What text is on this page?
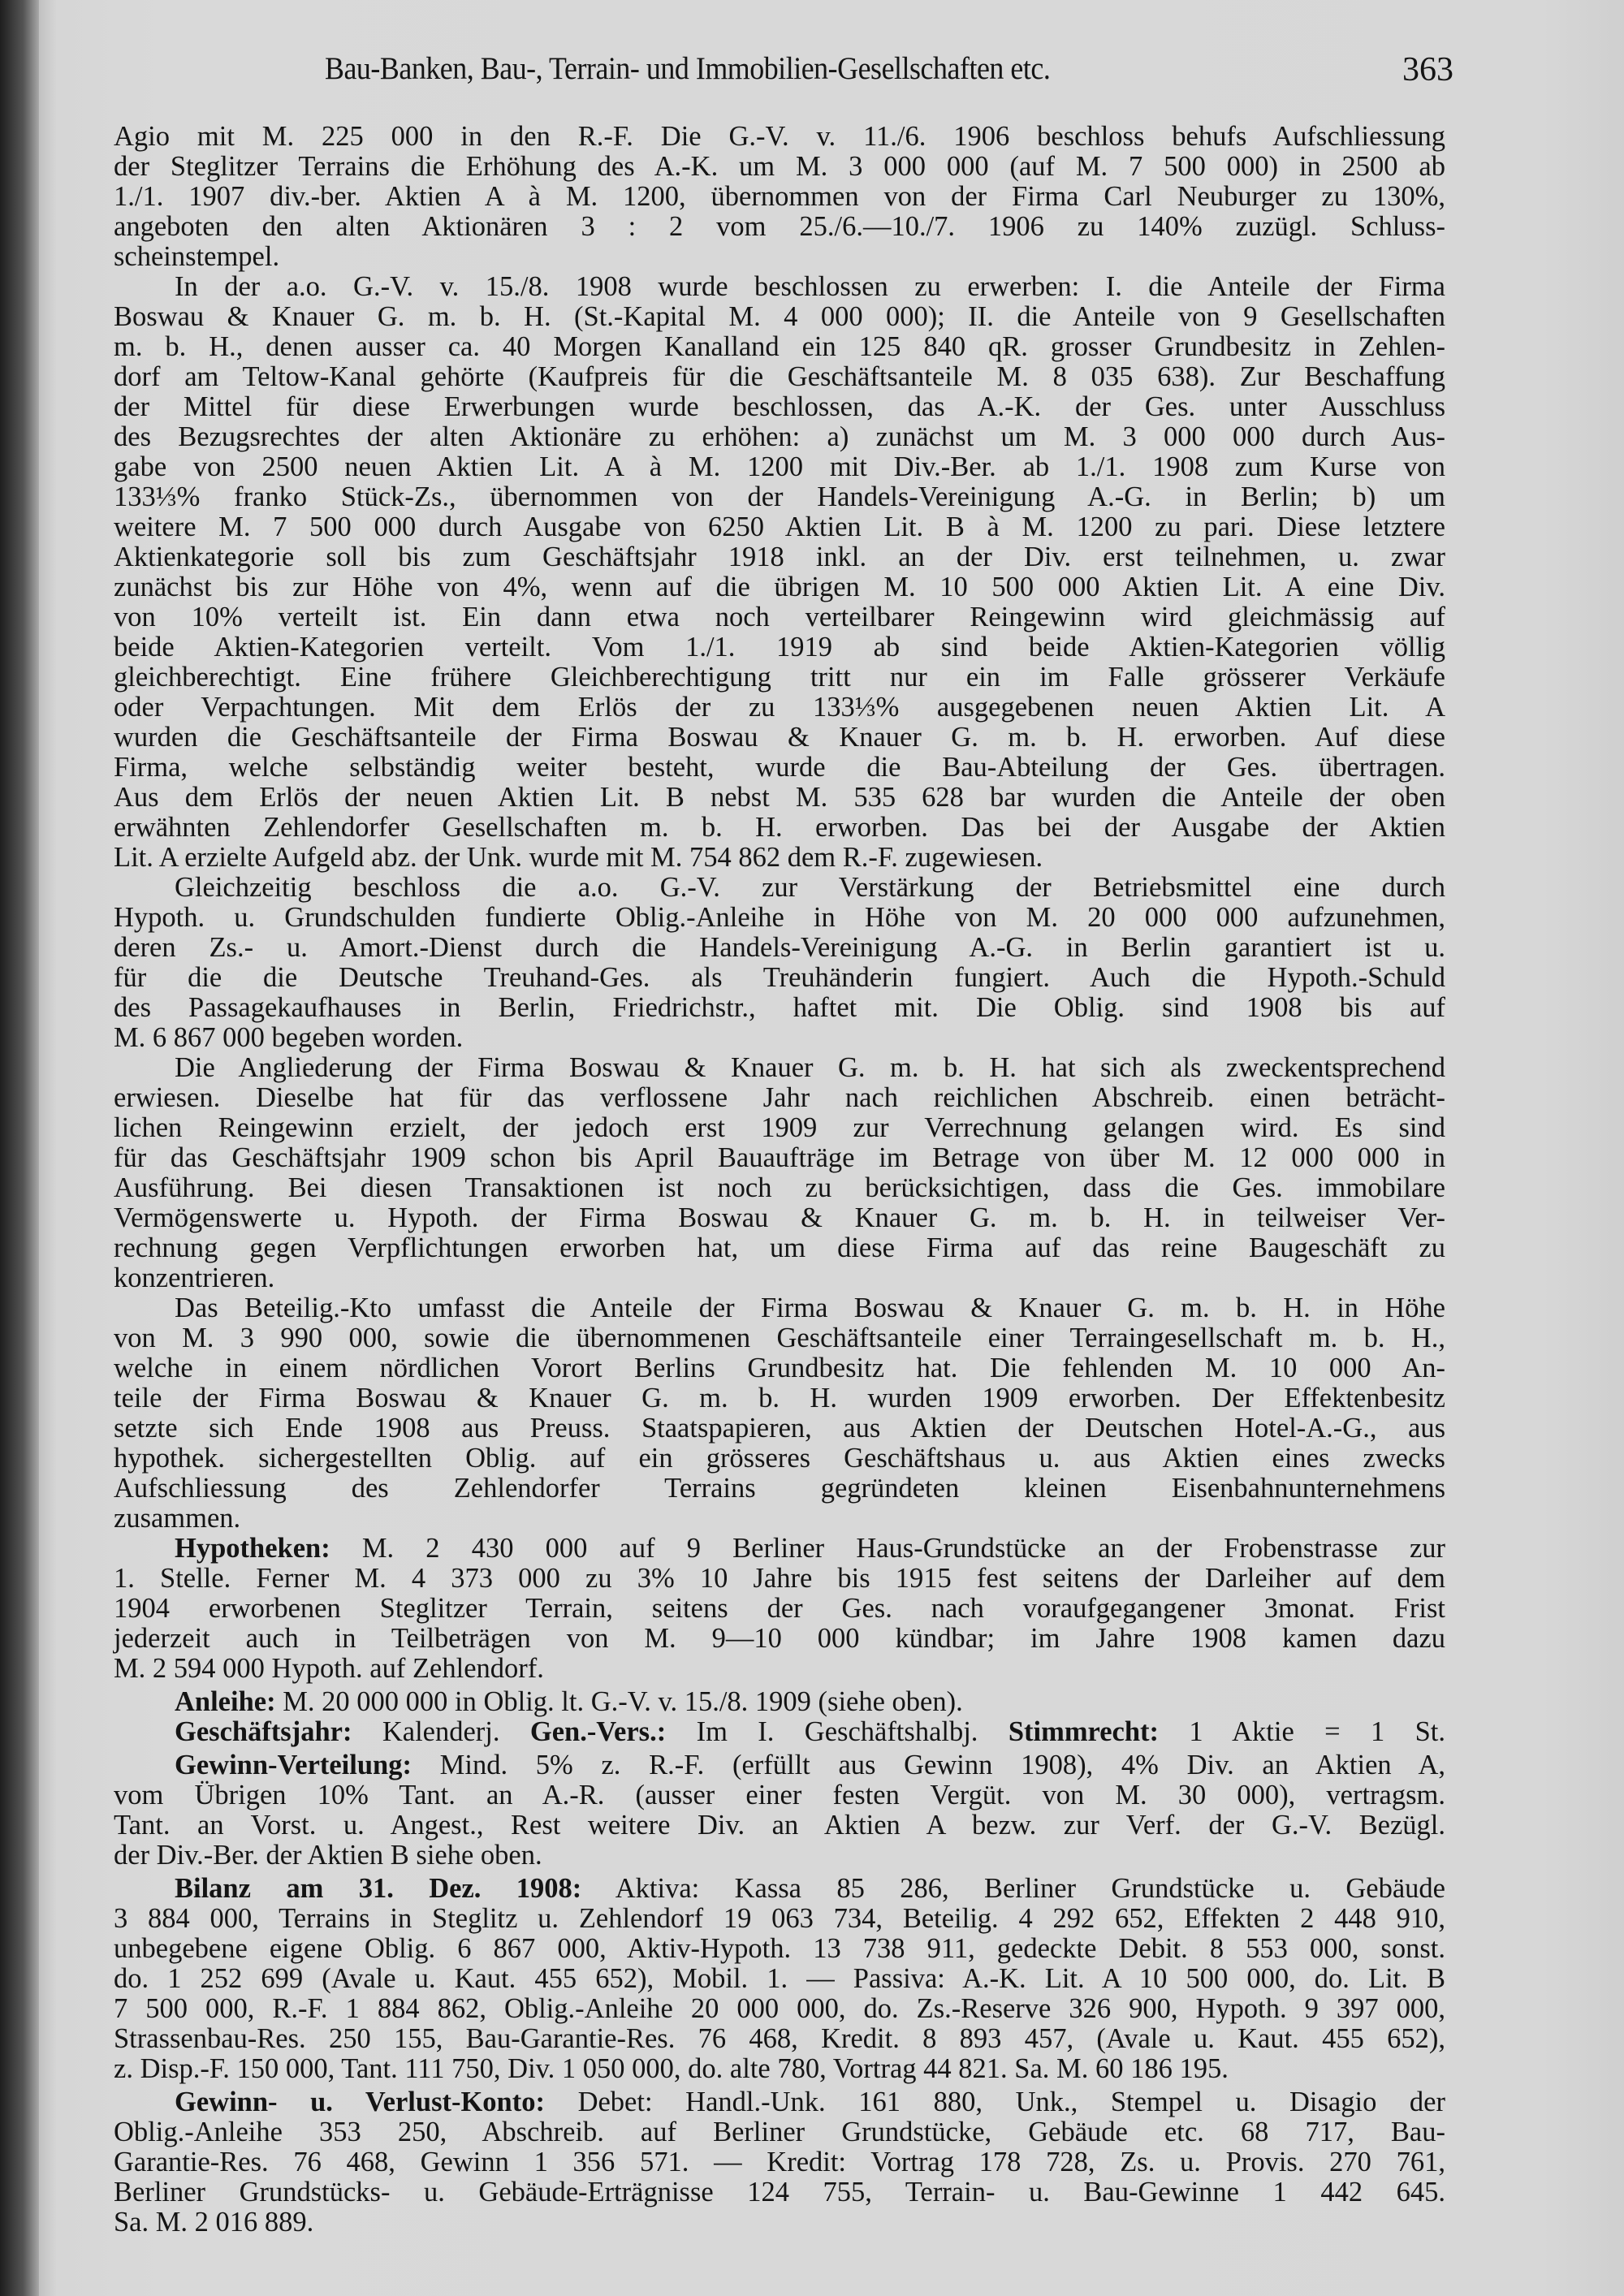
Bau-Banken, Bau-, Terrain- und Immobilien-Gesellschaften etc.	363
Agio mit M. 225 000 in den R.-F. Die G.-V. v. 11./6. 1906 beschloss behufs Aufschliessung
der Steglitzer Terrains die Erhöhung des A.-K. um M. 3 000 000 (auf M. 7 500 000) in 2500 ab
1./1. 1907 div.-ber. Aktien A à M. 1200, übernommen von der Firma Carl Neuburger zu 130%,
angeboten den alten Aktionären 3 : 2 vom 25./6.—10./7. 1906 zu 140% zuzügl. Schluss-
scheinstempel.
In der a.o. G.-V. v. 15./8. 1908 wurde beschlossen zu erwerben: I. die Anteile der Firma
Boswau & Knauer G. m. b. H. (St.-Kapital M. 4 000 000); II. die Anteile von 9 Gesellschaften
m. b. H., denen ausser ca. 40 Morgen Kanalland ein 125 840 qR. grosser Grundbesitz in Zehlen-
dorf am Teltow-Kanal gehörte (Kaufpreis für die Geschäftsanteile M. 8 035 638). Zur Beschaffung
der Mittel für diese Erwerbungen wurde beschlossen, das A.-K. der Ges. unter Ausschluss
des Bezugsrechtes der alten Aktionäre zu erhöhen: a) zunächst um M. 3 000 000 durch Aus-
gabe von 2500 neuen Aktien Lit. A à M. 1200 mit Div.-Ber. ab 1./1. 1908 zum Kurse von
133⅓% franko Stück-Zs., übernommen von der Handels-Vereinigung A.-G. in Berlin; b) um
weitere M. 7 500 000 durch Ausgabe von 6250 Aktien Lit. B à M. 1200 zu pari. Diese letztere
Aktienkategorie soll bis zum Geschäftsjahr 1918 inkl. an der Div. erst teilnehmen, u. zwar
zunächst bis zur Höhe von 4%, wenn auf die übrigen M. 10 500 000 Aktien Lit. A eine Div.
von 10% verteilt ist. Ein dann etwa noch verteilbarer Reingewinn wird gleichmässig auf
beide Aktien-Kategorien verteilt. Vom 1./1. 1919 ab sind beide Aktien-Kategorien völlig
gleichberechtigt. Eine frühere Gleichberechtigung tritt nur ein im Falle grösserer Verkäufe
oder Verpachtungen. Mit dem Erlös der zu 133⅓% ausgegebenen neuen Aktien Lit. A
wurden die Geschäftsanteile der Firma Boswau & Knauer G. m. b. H. erworben. Auf diese
Firma, welche selbständig weiter besteht, wurde die Bau-Abteilung der Ges. übertragen.
Aus dem Erlös der neuen Aktien Lit. B nebst M. 535 628 bar wurden die Anteile der oben
erwähnten Zehlendorfer Gesellschaften m. b. H. erworben. Das bei der Ausgabe der Aktien
Lit. A erzielte Aufgeld abz. der Unk. wurde mit M. 754 862 dem R.-F. zugewiesen.
Gleichzeitig beschloss die a.o. G.-V. zur Verstärkung der Betriebsmittel eine durch
Hypoth. u. Grundschulden fundierte Oblig.-Anleihe in Höhe von M. 20 000 000 aufzunehmen,
deren Zs.- u. Amort.-Dienst durch die Handels-Vereinigung A.-G. in Berlin garantiert ist u.
für die die Deutsche Treuhand-Ges. als Treuhänderin fungiert. Auch die Hypoth.-Schuld
des Passagekaufhauses in Berlin, Friedrichstr., haftet mit. Die Oblig. sind 1908 bis auf
M. 6 867 000 begeben worden.
Die Angliederung der Firma Boswau & Knauer G. m. b. H. hat sich als zweckentsprechend
erwiesen. Dieselbe hat für das verflossene Jahr nach reichlichen Abschreib. einen beträcht-
lichen Reingewinn erzielt, der jedoch erst 1909 zur Verrechnung gelangen wird. Es sind
für das Geschäftsjahr 1909 schon bis April Bauaufträge im Betrage von über M. 12 000 000 in
Ausführung. Bei diesen Transaktionen ist noch zu berücksichtigen, dass die Ges. immobilare
Vermögenswerte u. Hypoth. der Firma Boswau & Knauer G. m. b. H. in teilweiser Ver-
rechnung gegen Verpflichtungen erworben hat, um diese Firma auf das reine Baugeschäft zu
konzentrieren.
Das Beteilig.-Kto umfasst die Anteile der Firma Boswau & Knauer G. m. b. H. in Höhe
von M. 3 990 000, sowie die übernommenen Geschäftsanteile einer Terraingesellschaft m. b. H.,
welche in einem nördlichen Vorort Berlins Grundbesitz hat. Die fehlenden M. 10 000 An-
teile der Firma Boswau & Knauer G. m. b. H. wurden 1909 erworben. Der Effektenbesitz
setzte sich Ende 1908 aus Preuss. Staatspapieren, aus Aktien der Deutschen Hotel-A.-G., aus
hypothek. sichergestellten Oblig. auf ein grösseres Geschäftshaus u. aus Aktien eines zwecks
Aufschliessung des Zehlendorfer Terrains gegründeten kleinen Eisenbahnunternehmens
zusammen.
Hypotheken: M. 2 430 000 auf 9 Berliner Haus-Grundstücke an der Frobenstrasse zur
1. Stelle. Ferner M. 4 373 000 zu 3% 10 Jahre bis 1915 fest seitens der Darleiher auf dem
1904 erworbenen Steglitzer Terrain, seitens der Ges. nach voraufgegangener 3monat. Frist
jederzeit auch in Teilbeträgen von M. 9—10 000 kündbar; im Jahre 1908 kamen dazu
M. 2 594 000 Hypoth. auf Zehlendorf.
Anleihe: M. 20 000 000 in Oblig. lt. G.-V. v. 15./8. 1909 (siehe oben).
Geschäftsjahr: Kalenderj. Gen.-Vers.: Im I. Geschäftshalbj. Stimmrecht: 1 Aktie = 1 St.
Gewinn-Verteilung: Mind. 5% z. R.-F. (erfüllt aus Gewinn 1908), 4% Div. an Aktien A,
vom Übrigen 10% Tant. an A.-R. (ausser einer festen Vergüt. von M. 30 000), vertragsm.
Tant. an Vorst. u. Angest., Rest weitere Div. an Aktien A bezw. zur Verf. der G.-V. Bezügl.
der Div.-Ber. der Aktien B siehe oben.
Bilanz am 31. Dez. 1908: Aktiva: Kassa 85 286, Berliner Grundstücke u. Gebäude
3 884 000, Terrains in Steglitz u. Zehlendorf 19 063 734, Beteilig. 4 292 652, Effekten 2 448 910,
unbegebene eigene Oblig. 6 867 000, Aktiv-Hypoth. 13 738 911, gedeckte Debit. 8 553 000, sonst.
do. 1 252 699 (Avale u. Kaut. 455 652), Mobil. 1. — Passiva: A.-K. Lit. A 10 500 000, do. Lit. B
7 500 000, R.-F. 1 884 862, Oblig.-Anleihe 20 000 000, do. Zs.-Reserve 326 900, Hypoth. 9 397 000,
Strassenbau-Res. 250 155, Bau-Garantie-Res. 76 468, Kredit. 8 893 457, (Avale u. Kaut. 455 652),
z. Disp.-F. 150 000, Tant. 111 750, Div. 1 050 000, do. alte 780, Vortrag 44 821. Sa. M. 60 186 195.
Gewinn- u. Verlust-Konto: Debet: Handl.-Unk. 161 880, Unk., Stempel u. Disagio der
Oblig.-Anleihe 353 250, Abschreib. auf Berliner Grundstücke, Gebäude etc. 68 717, Bau-
Garantie-Res. 76 468, Gewinn 1 356 571. — Kredit: Vortrag 178 728, Zs. u. Provis. 270 761,
Berliner Grundstücks- u. Gebäude-Erträgnisse 124 755, Terrain- u. Bau-Gewinne 1 442 645.
Sa. M. 2 016 889.
